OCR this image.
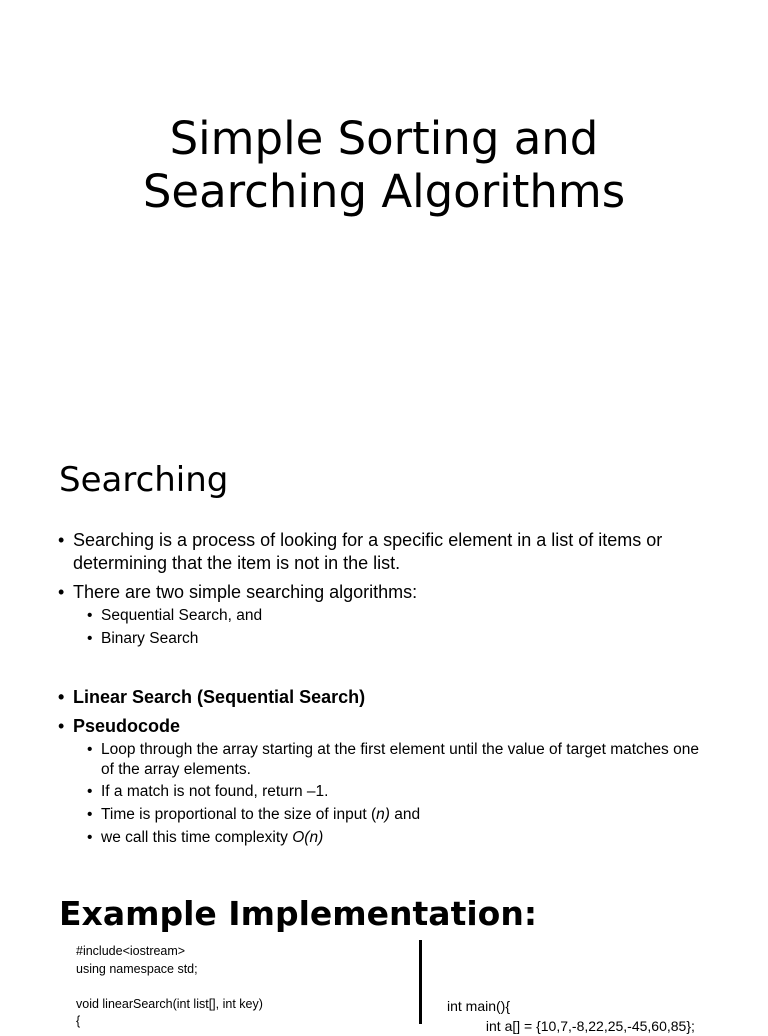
Simple Sorting and
Searching Algorithms
Searching
• Searching is a process of looking for a specific element in a list of items or determining that the item is not in the list.
• There are two simple searching algorithms:
• Sequential Search, and
• Binary Search
• Linear Search (Sequential Search)
• Pseudocode
• Loop through the array starting at the first element until the value of target matches one of the array elements.
• If a match is not found, return –1.
• Time is proportional to the size of input (n) and
• we call this time complexity O(n)
Example Implementation:
#include<iostream>
using namespace std;

void linearSearch(int list[], int key)
{
int main(){
int a[] = {10,7,-8,22,25,-45,60,85};
